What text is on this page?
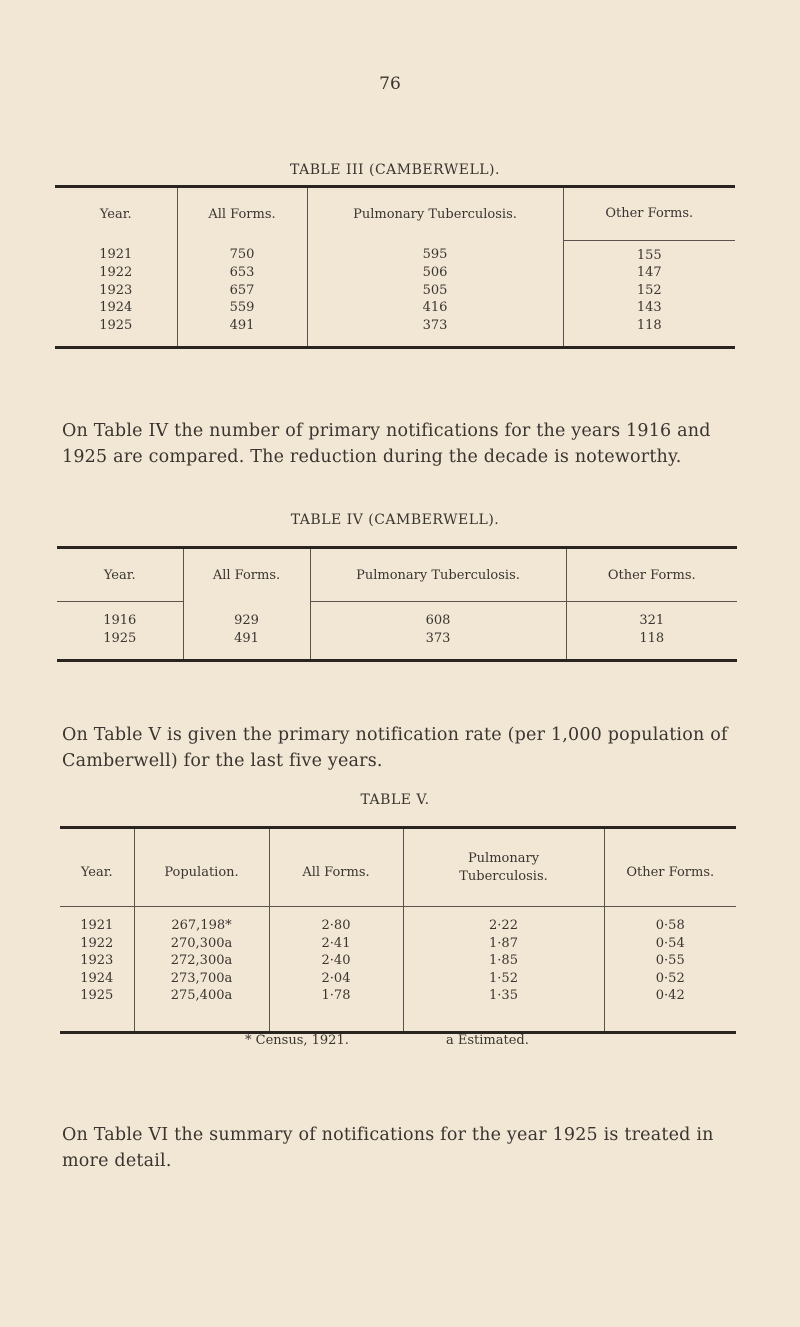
76
TABLE III (CAMBERWELL).
Year.	All Forms.	Pulmonary Tuberculosis.	Other Forms.
1921	750	595	155
1922	653	506	147
1923	657	505	152
1924	559	416	143
1925	491	373	118

On Table IV the number of primary notifications for the years 1916 and 1925 are compared. The reduction during the decade is noteworthy.
TABLE IV (CAMBERWELL).
Year.	All Forms.	Pulmonary Tuberculosis.	Other Forms.
1916	929	608	321
1925	491	373	118

On Table V is given the primary notification rate (per 1,000 population of Camberwell) for the last five years.
TABLE V.
Year.	Population.	All Forms.	Pulmonary Tuberculosis.	Other Forms.
1921	267,198*	2·80	2·22	0·58
1922	270,300a	2·41	1·87	0·54
1923	272,300a	2·40	1·85	0·55
1924	273,700a	2·04	1·52	0·52
1925	275,400a	1·78	1·35	0·42

* Census, 1921.	a Estimated.
On Table VI the summary of notifications for the year 1925 is treated in more detail.
